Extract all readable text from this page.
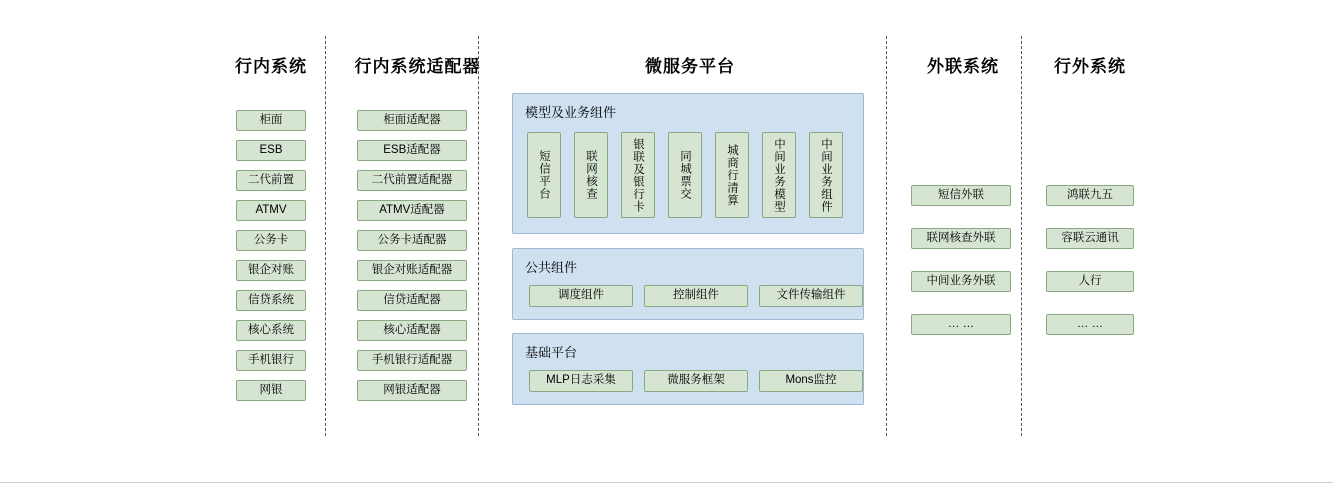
行内系统	行内系统适配器	微服务平台	外联系统	行外系统
柜面
ESB
二代前置
ATMV
公务卡
银企对账
信贷系统
核心系统
手机银行
网银
柜面适配器
ESB适配器
二代前置适配器
ATMV适配器
公务卡适配器
银企对账适配器
信贷适配器
核心适配器
手机银行适配器
网银适配器
模型及业务组件
短信平台	联网核查	银联及银行卡	同城票交	城商行清算	中间业务模型	中间业务组件
公共组件
调度组件	控制组件	文件传输组件
基础平台
MLP日志采集	微服务框架	Mons监控
短信外联
联网核查外联
中间业务外联
… …
鸿联九五
容联云通讯
人行
… …
